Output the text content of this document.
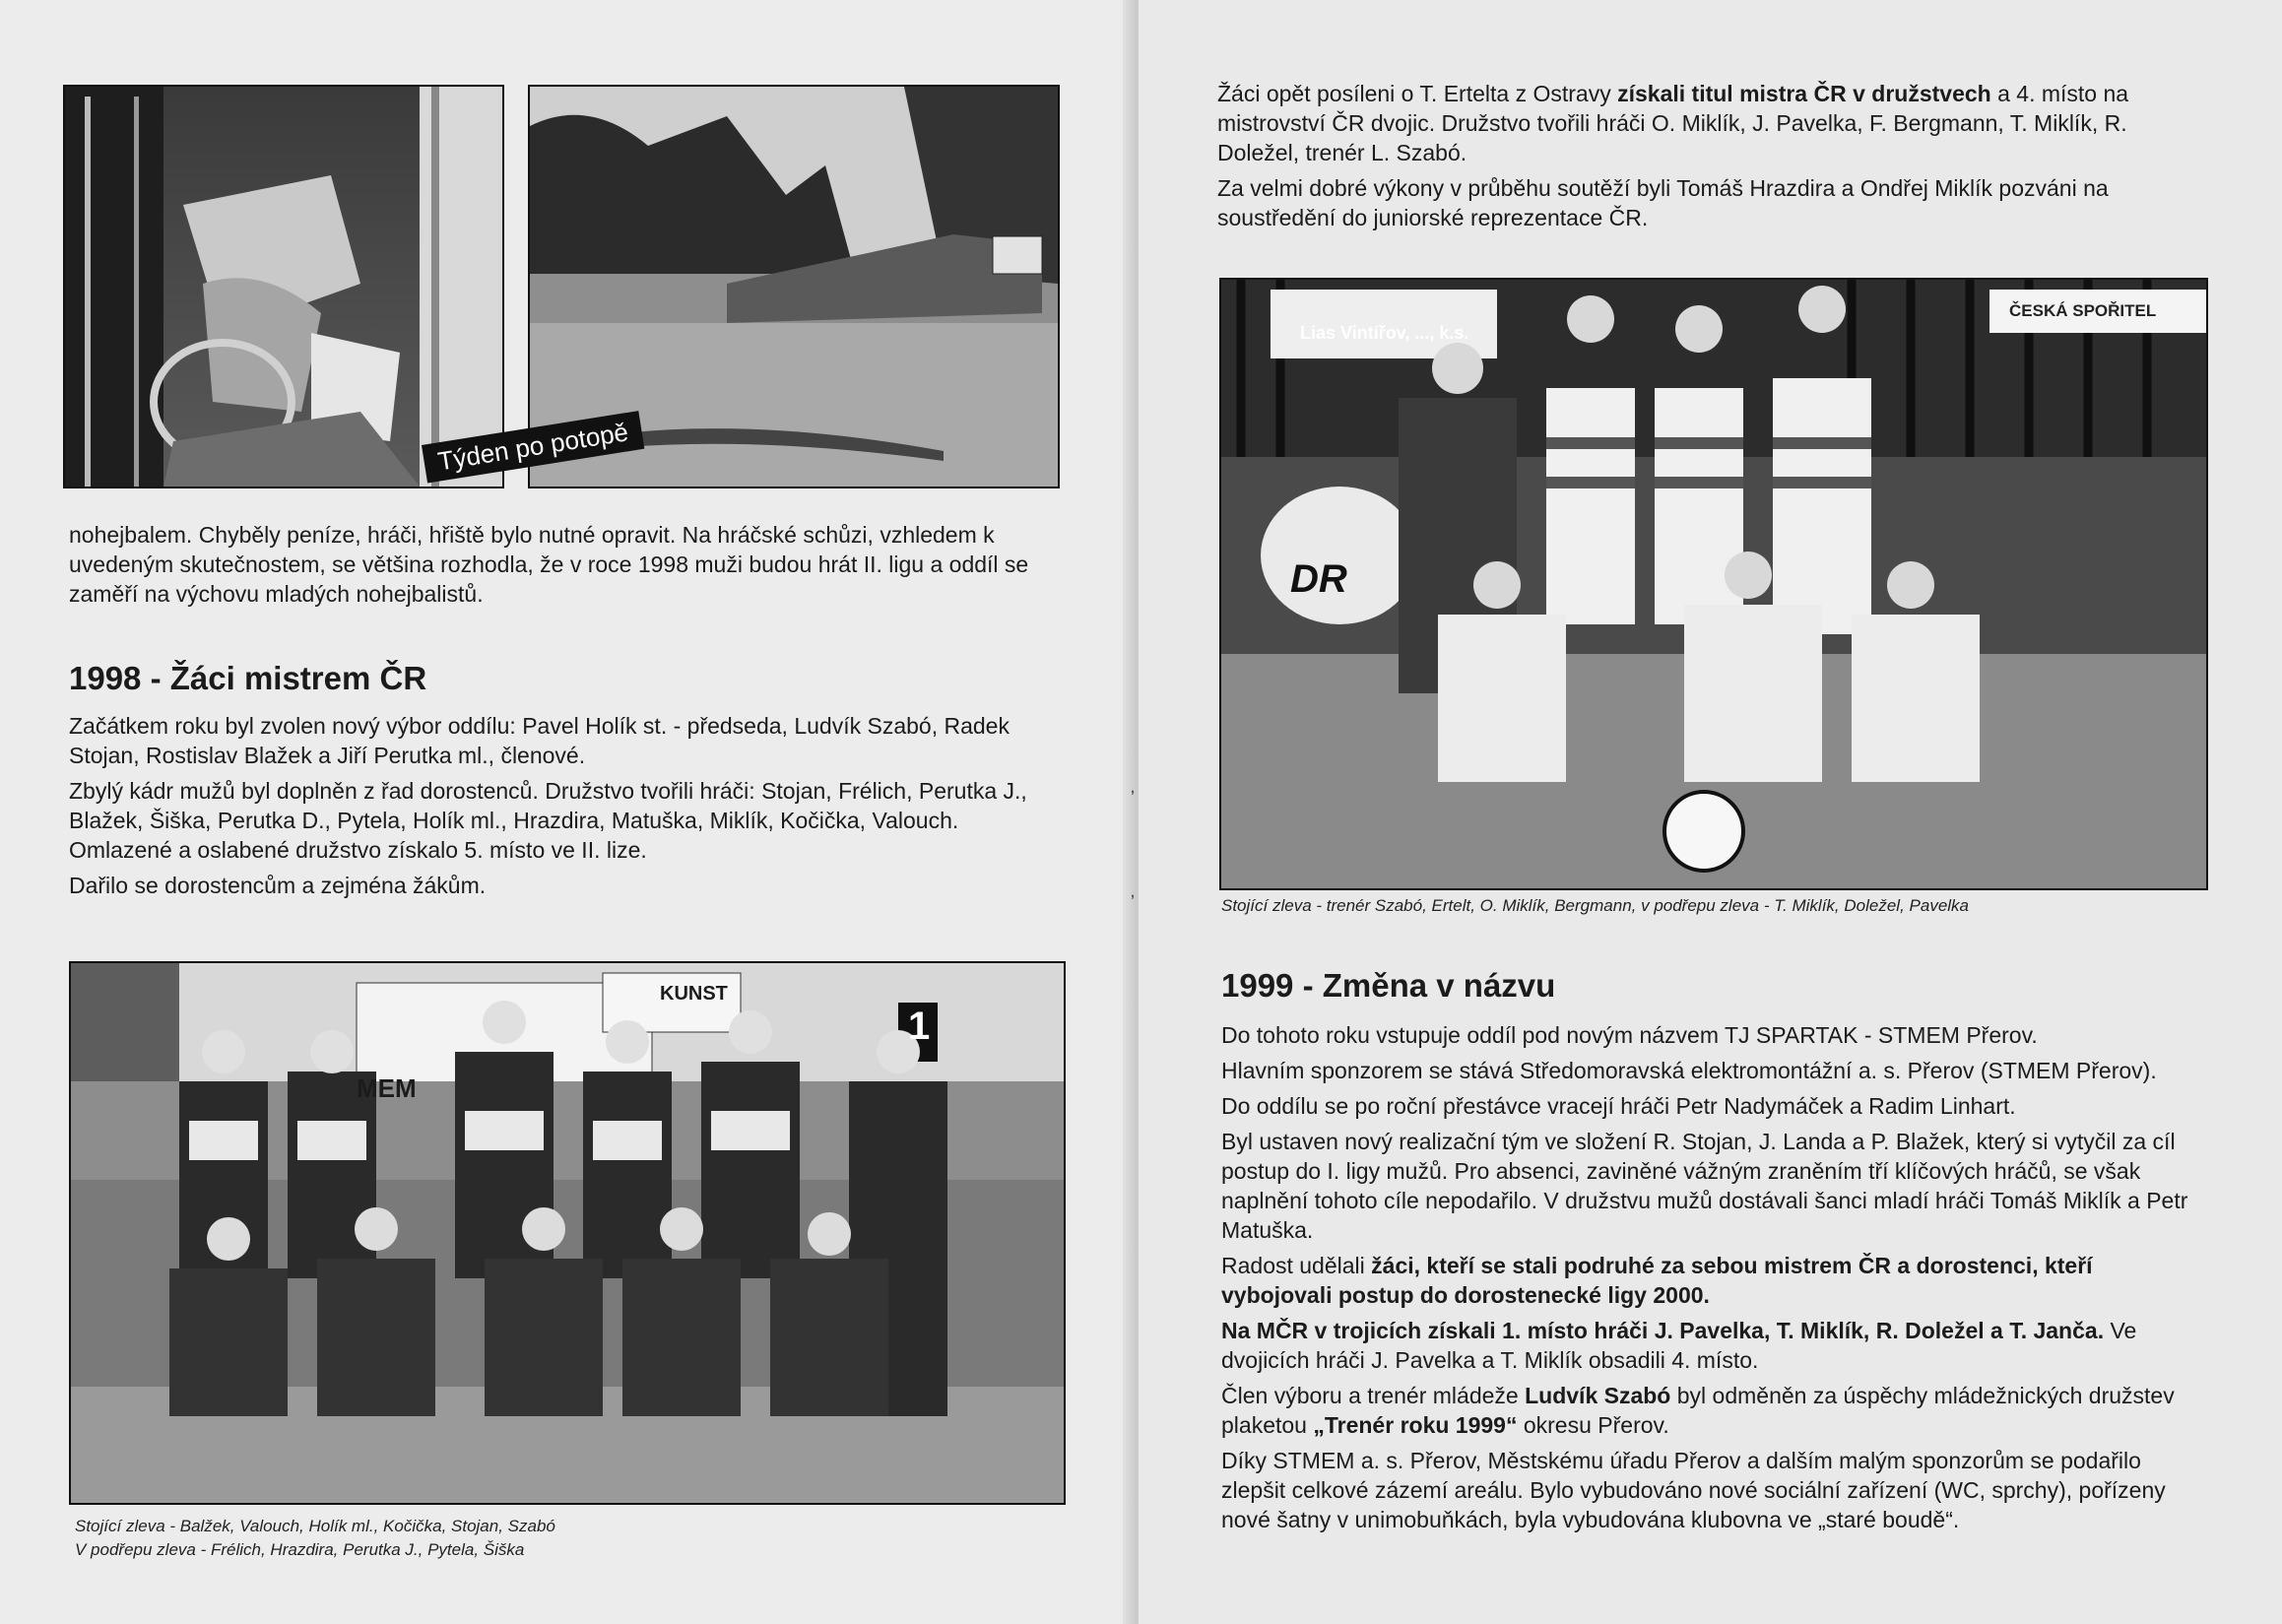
Týden po potopě
nohejbalem. Chyběly peníze, hráči, hřiště bylo nutné opravit. Na hráčské schůzi, vzhledem k uvedeným skutečnostem, se většina rozhodla, že v roce 1998 muži budou hrát II. ligu a oddíl se zaměří na výchovu mladých nohejbalistů.
1998 - Žáci mistrem ČR

Začátkem roku byl zvolen nový výbor oddílu: Pavel Holík st. - předseda, Ludvík Szabó, Radek Stojan, Rostislav Blažek a Jiří Perutka ml., členové.

Zbylý kádr mužů byl doplněn z řad dorostenců. Družstvo tvořili hráči: Stojan, Frélich, Perutka J., Blažek, Šiška, Perutka D., Pytela, Holík ml., Hrazdira, Matuška, Miklík, Kočička, Valouch. Omlazené a oslabené družstvo získalo 5. místo ve II. lize.

Dařilo se dorostencům a zejména žákům.

KUNST
MEM
1
Stojící zleva - Balžek, Valouch, Holík ml., Kočička, Stojan, Szabó
V podřepu zleva - Frélich, Hrazdira, Perutka J., Pytela, Šiška
ʼ
ʼ

Žáci opět posíleni o T. Ertelta z Ostravy získali titul mistra ČR v družstvech a 4. místo na mistrovství ČR dvojic. Družstvo tvořili hráči O. Miklík, J. Pavelka, F. Bergmann, T. Miklík, R. Doležel, trenér L. Szabó.

Za velmi dobré výkony v průběhu soutěží byli Tomáš Hrazdira a Ondřej Miklík pozváni na soustředění do juniorské reprezentace ČR.

Lias Vintířov, ..., k.s.
ČESKÁ SPOŘITEL
DR
Stojící zleva - trenér Szabó, Ertelt, O. Miklík, Bergmann, v podřepu zleva - T. Miklík, Doležel, Pavelka
1999 - Změna v názvu

Do tohoto roku vstupuje oddíl pod novým názvem TJ SPARTAK - STMEM Přerov.

Hlavním sponzorem se stává Středomoravská elektromontážní a. s. Přerov (STMEM Přerov).

Do oddílu se po roční přestávce vracejí hráči Petr Nadymáček a Radim Linhart.

Byl ustaven nový realizační tým ve složení R. Stojan, J. Landa a P. Blažek, který si vytyčil za cíl postup do I. ligy mužů. Pro absenci, zaviněné vážným zraněním tří klíčových hráčů, se však naplnění tohoto cíle nepodařilo. V družstvu mužů dostávali šanci mladí hráči Tomáš Miklík a Petr Matuška.

Radost udělali žáci, kteří se stali podruhé za sebou mistrem ČR a dorostenci, kteří vybojovali postup do dorostenecké ligy 2000.

Na MČR v trojicích získali 1. místo hráči J. Pavelka, T. Miklík, R. Doležel a T. Janča. Ve dvojicích hráči J. Pavelka a T. Miklík obsadili 4. místo.

Člen výboru a trenér mládeže Ludvík Szabó byl odměněn za úspěchy mládežnických družstev plaketou „Trenér roku 1999“ okresu Přerov.

Díky STMEM a. s. Přerov, Městskému úřadu Přerov a dalším malým sponzorům se podařilo zlepšit celkové zázemí areálu. Bylo vybudováno nové sociální zařízení (WC, sprchy), pořízeny nové šatny v unimobuňkách, byla vybudována klubovna ve „staré boudě“.
